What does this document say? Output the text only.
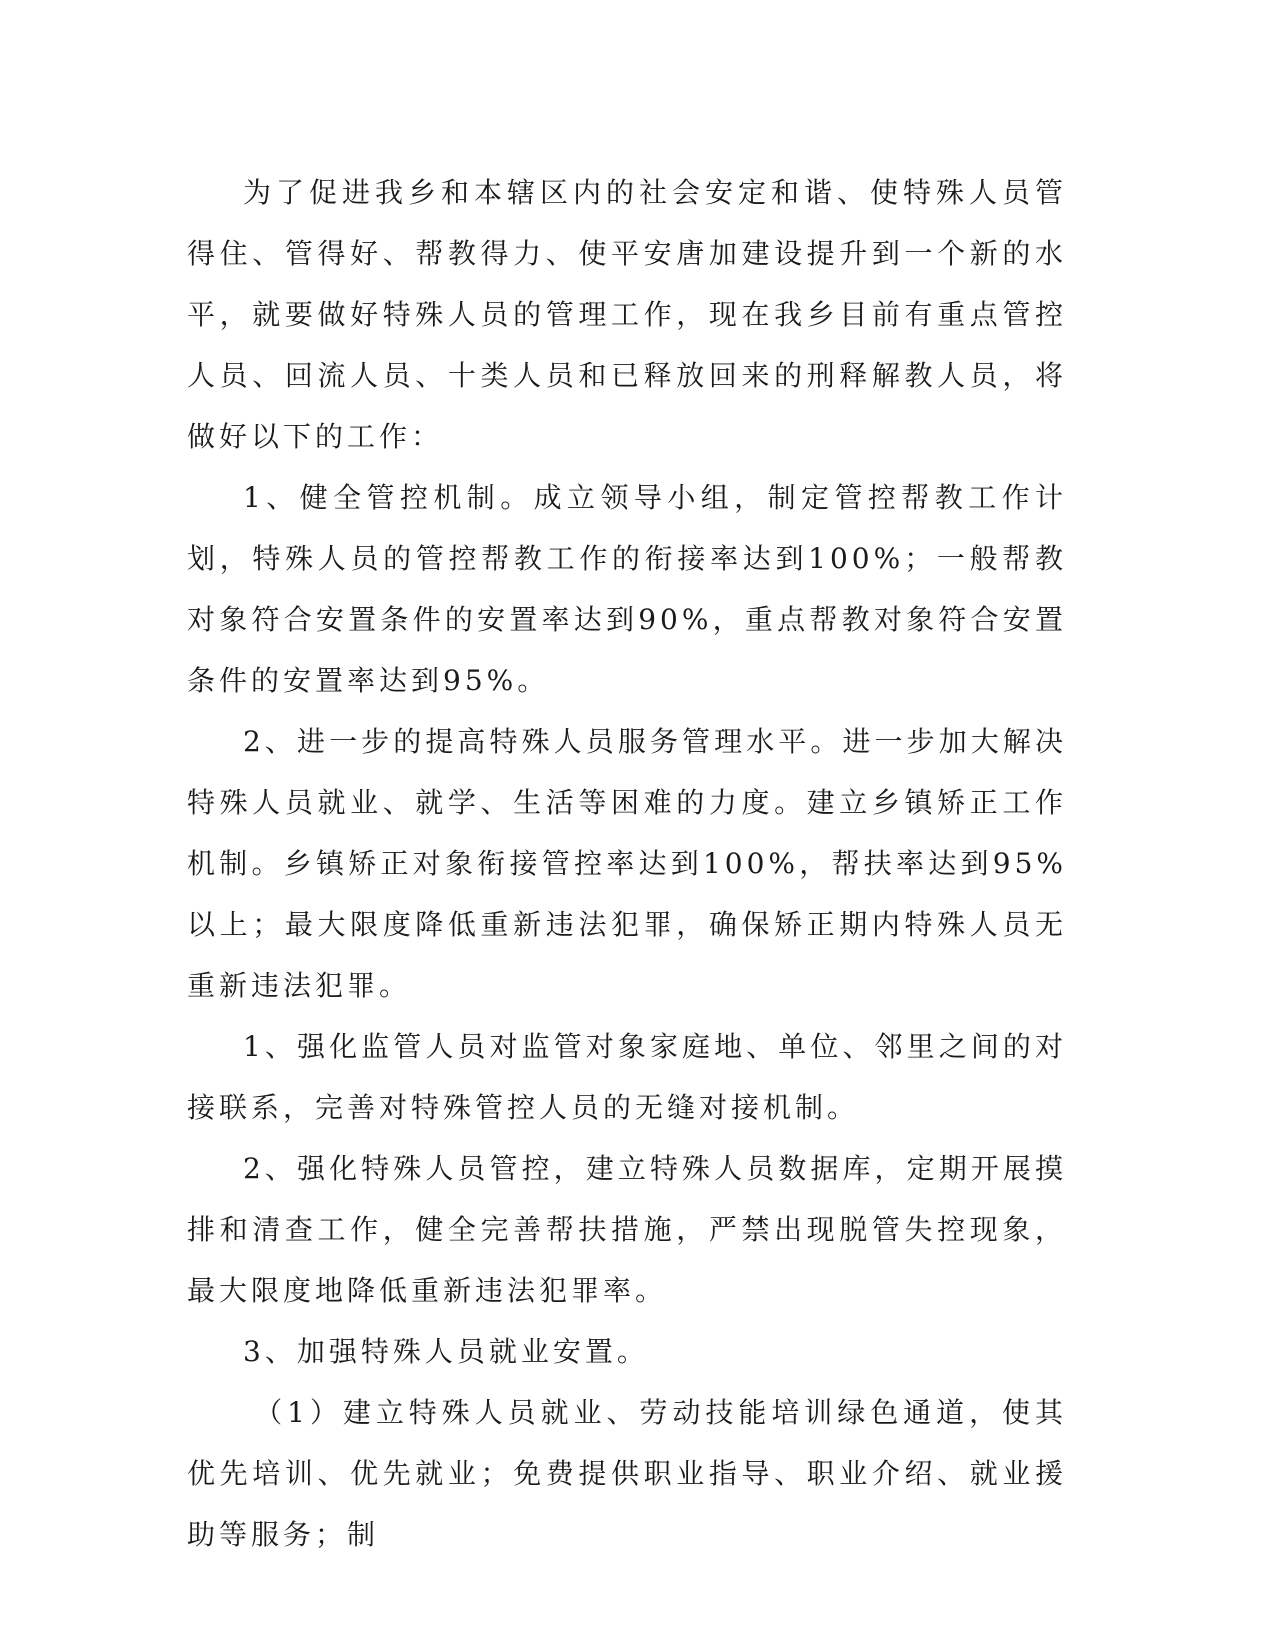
为了促进我乡和本辖区内的社会安定和谐、使特殊人员管得住、管得好、帮教得力、使平安唐加建设提升到一个新的水平，就要做好特殊人员的管理工作，现在我乡目前有重点管控人员、回流人员、十类人员和已释放回来的刑释解教人员，将做好以下的工作：

1、健全管控机制。成立领导小组，制定管控帮教工作计划，特殊人员的管控帮教工作的衔接率达到100%；一般帮教对象符合安置条件的安置率达到90%，重点帮教对象符合安置条件的安置率达到95%。

2、进一步的提高特殊人员服务管理水平。进一步加大解决特殊人员就业、就学、生活等困难的力度。建立乡镇矫正工作机制。乡镇矫正对象衔接管控率达到100%，帮扶率达到95%以上；最大限度降低重新违法犯罪，确保矫正期内特殊人员无重新违法犯罪。

1、强化监管人员对监管对象家庭地、单位、邻里之间的对接联系，完善对特殊管控人员的无缝对接机制。

2、强化特殊人员管控，建立特殊人员数据库，定期开展摸排和清查工作，健全完善帮扶措施，严禁出现脱管失控现象，最大限度地降低重新违法犯罪率。

3、加强特殊人员就业安置。

（1）建立特殊人员就业、劳动技能培训绿色通道，使其优先培训、优先就业；免费提供职业指导、职业介绍、就业援助等服务；制
